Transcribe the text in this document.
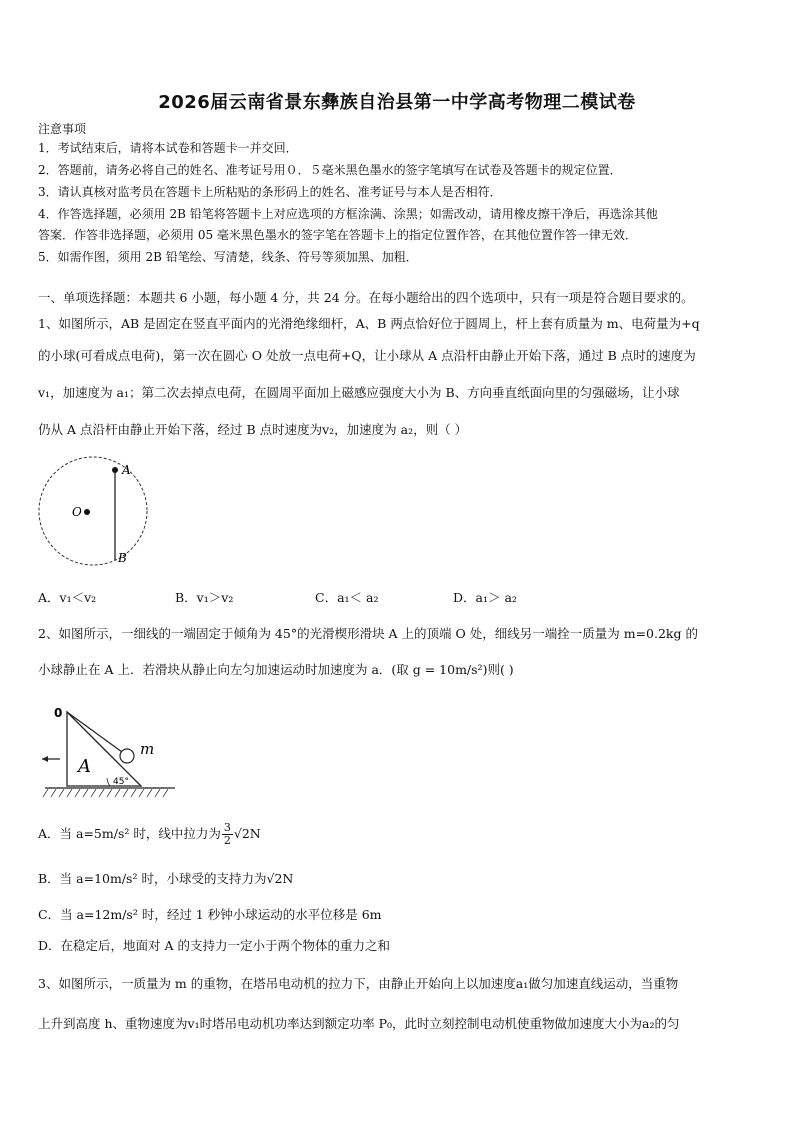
2026届云南省景东彝族自治县第一中学高考物理二模试卷
注意事项
1．考试结束后，请将本试卷和答题卡一并交回．
2．答题前，请务必将自己的姓名、准考证号用０．５毫米黑色墨水的签字笔填写在试卷及答题卡的规定位置．
3．请认真核对监考员在答题卡上所粘贴的条形码上的姓名、准考证号与本人是否相符．
4．作答选择题，必须用 2B 铅笔将答题卡上对应选项的方框涂满、涂黑；如需改动，请用橡皮擦干净后，再选涂其他
答案．作答非选择题，必须用 05 毫米黑色墨水的签字笔在答题卡上的指定位置作答，在其他位置作答一律无效．
5．如需作图，须用 2B 铅笔绘、写清楚，线条、符号等须加黑、加粗．
一、单项选择题：本题共 6 小题，每小题 4 分，共 24 分。在每小题给出的四个选项中，只有一项是符合题目要求的。
1、如图所示，AB 是固定在竖直平面内的光滑绝缘细杆，A、B 两点恰好位于圆周上，杆上套有质量为 m、电荷量为+q
的小球(可看成点电荷)，第一次在圆心 O 处放一点电荷+Q，让小球从 A 点沿杆由静止开始下落，通过 B 点时的速度为
v₁，加速度为 a₁；第二次去掉点电荷，在圆周平面加上磁感应强度大小为 B、方向垂直纸面向里的匀强磁场，让小球
仍从 A 点沿杆由静止开始下落，经过 B 点时速度为v₂，加速度为 a₂，则（ ）
A
B
O
A．v₁＜v₂	B．v₁＞v₂	C．a₁＜ a₂	D．a₁＞ a₂
2、如图所示，一细线的一端固定于倾角为 45°的光滑楔形滑块 A 上的顶端 O 处，细线另一端拴一质量为 m=0.2kg 的
小球静止在 A 上．若滑块从静止向左匀加速运动时加速度为 a．(取 g = 10m/s²)则( )
0
m
A
45°
A．当 a=5m/s² 时，线中拉力为 $\frac{3}{2} √2N$
B．当 a=10m/s² 时，小球受的支持力为√2N
C．当 a=12m/s² 时，经过 1 秒钟小球运动的水平位移是 6m
D．在稳定后，地面对 A 的支持力一定小于两个物体的重力之和
3、如图所示，一质量为 m 的重物，在塔吊电动机的拉力下，由静止开始向上以加速度a₁做匀加速直线运动，当重物
上升到高度 h、重物速度为v₁时塔吊电动机功率达到额定功率 P₀，此时立刻控制电动机使重物做加速度大小为a₂的匀
